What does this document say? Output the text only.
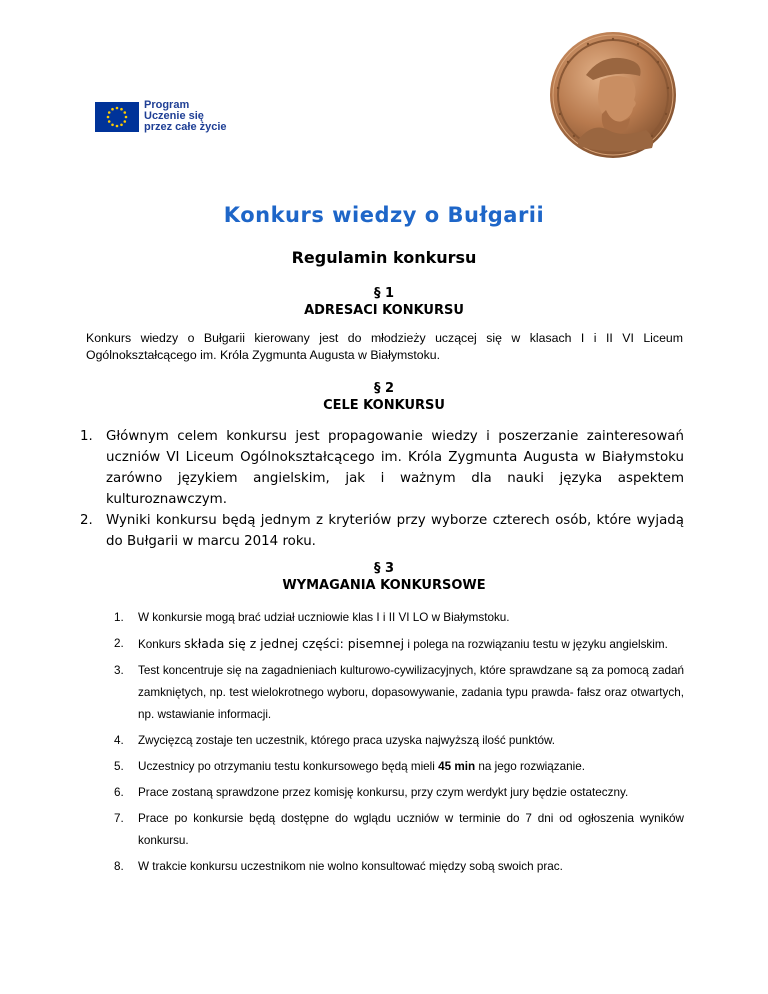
Program
Uczenie się
przez całe życie
Konkurs wiedzy o Bułgarii
Regulamin konkursu
§ 1
ADRESACI KONKURSU
Konkurs wiedzy o Bułgarii kierowany jest do młodzieży uczącej się w klasach I i II VI Liceum Ogólnokształcącego im. Króla Zygmunta Augusta w Białymstoku.
§ 2
CELE KONKURSU
1. Głównym celem konkursu jest propagowanie wiedzy i poszerzanie zainteresowań uczniów VI Liceum Ogólnokształcącego im. Króla Zygmunta Augusta w Białymstoku zarówno językiem angielskim, jak i ważnym dla nauki języka aspektem kulturoznawczym.
2. Wyniki konkursu będą jednym z kryteriów przy wyborze czterech osób, które wyjadą do Bułgarii w marcu 2014 roku.
§ 3
WYMAGANIA KONKURSOWE
1. W konkursie mogą brać udział uczniowie klas I i II VI LO w Białymstoku.
2. Konkurs składa się z jednej części: pisemnej i polega na rozwiązaniu testu w języku angielskim.
3. Test koncentruje się na zagadnieniach kulturowo-cywilizacyjnych, które sprawdzane są za pomocą zadań zamkniętych, np. test wielokrotnego wyboru, dopasowywanie, zadania typu prawda- fałsz oraz otwartych, np. wstawianie informacji.
4. Zwycięzcą zostaje ten uczestnik, którego praca uzyska najwyższą ilość punktów.
5. Uczestnicy po otrzymaniu testu konkursowego będą mieli 45 min na jego rozwiązanie.
6. Prace zostaną sprawdzone przez komisję konkursu, przy czym werdykt jury będzie ostateczny.
7. Prace po konkursie będą dostępne do wglądu uczniów w terminie do 7 dni od ogłoszenia wyników konkursu.
8. W trakcie konkursu uczestnikom nie wolno konsultować między sobą swoich prac.
